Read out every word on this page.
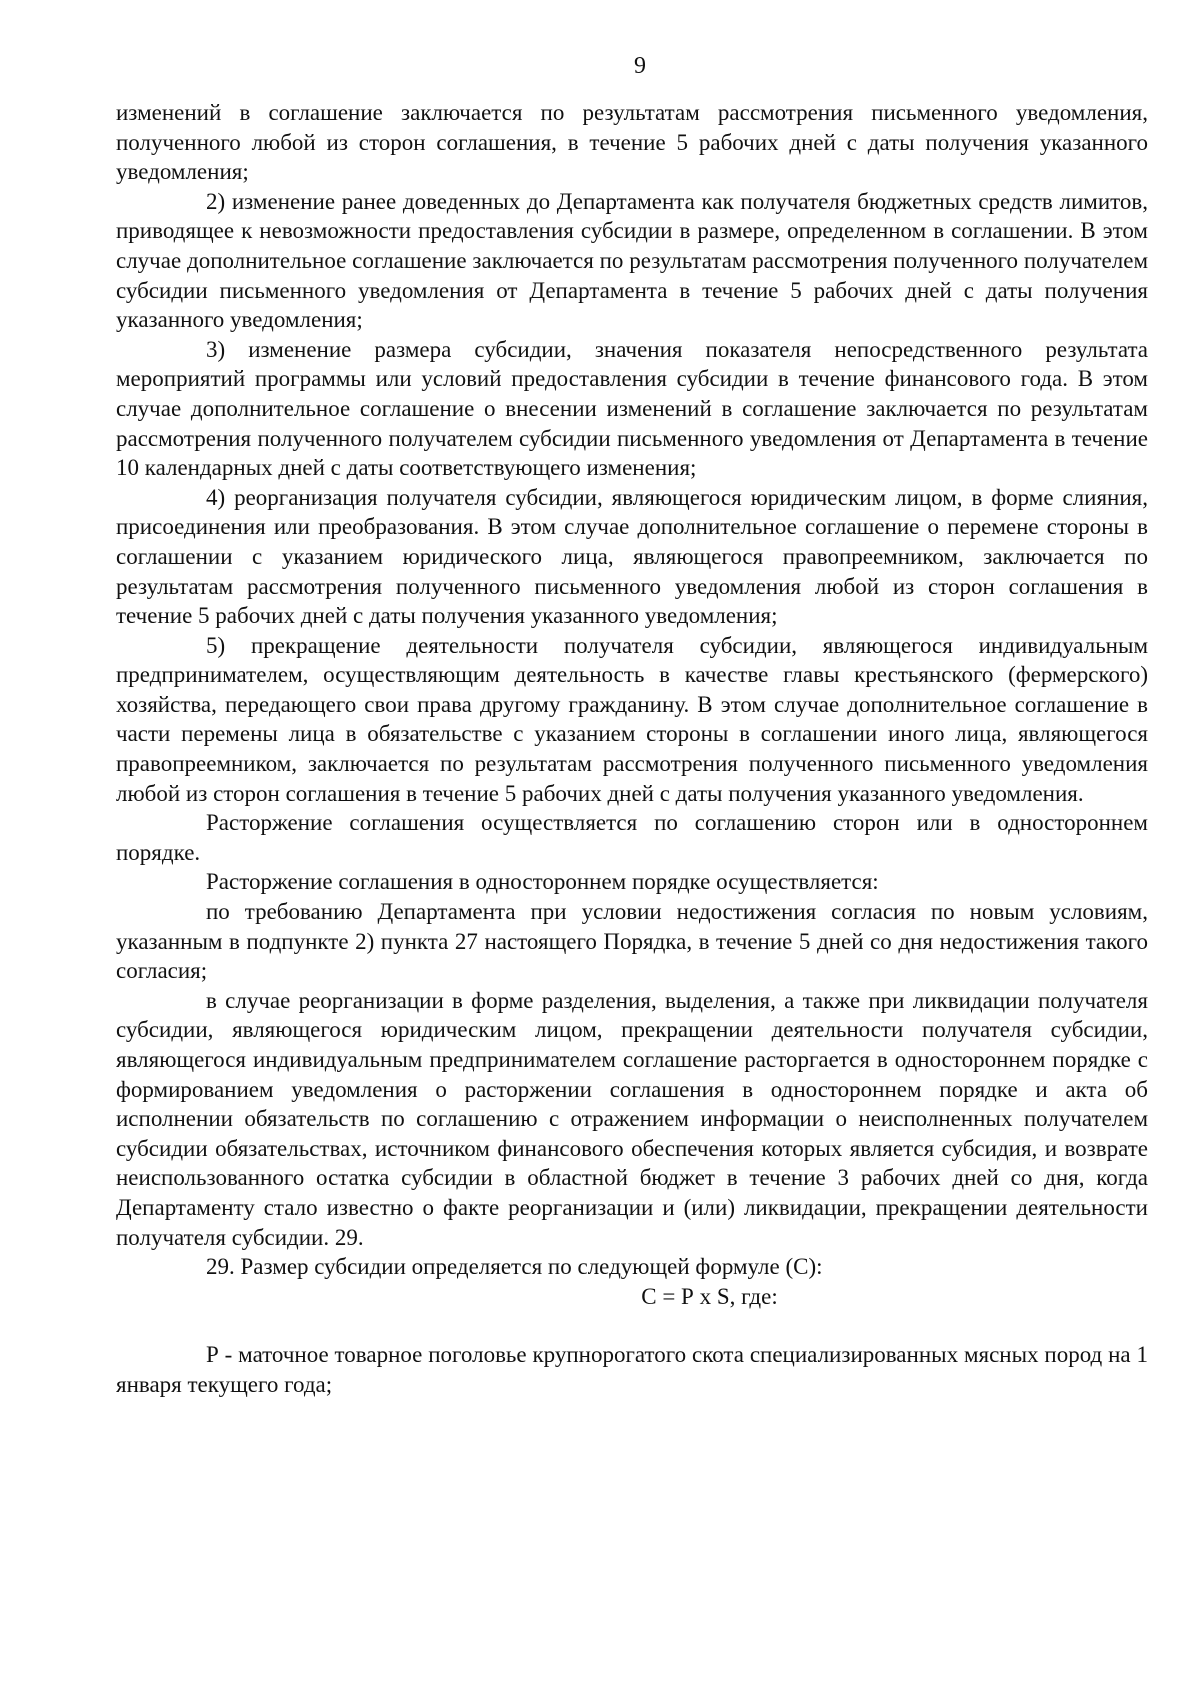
9

изменений в соглашение заключается по результатам рассмотрения письменного уведомления, полученного любой из сторон соглашения, в течение 5 рабочих дней с даты получения указанного уведомления;

2) изменение ранее доведенных до Департамента как получателя бюджетных средств лимитов, приводящее к невозможности предоставления субсидии в размере, определенном в соглашении. В этом случае дополнительное соглашение заключается по результатам рассмотрения полученного получателем субсидии письменного уведомления от Департамента в течение 5 рабочих дней с даты получения указанного уведомления;

3) изменение размера субсидии, значения показателя непосредственного результата мероприятий программы или условий предоставления субсидии в течение финансового года. В этом случае дополнительное соглашение о внесении изменений в соглашение заключается по результатам рассмотрения полученного получателем субсидии письменного уведомления от Департамента в течение 10 календарных дней с даты соответствующего изменения;

4) реорганизация получателя субсидии, являющегося юридическим лицом, в форме слияния, присоединения или преобразования. В этом случае дополнительное соглашение о перемене стороны в соглашении с указанием юридического лица, являющегося правопреемником, заключается по результатам рассмотрения полученного письменного уведомления любой из сторон соглашения в течение 5 рабочих дней с даты получения указанного уведомления;

5) прекращение деятельности получателя субсидии, являющегося индивидуальным предпринимателем, осуществляющим деятельность в качестве главы крестьянского (фермерского) хозяйства, передающего свои права другому гражданину. В этом случае дополнительное соглашение в части перемены лица в обязательстве с указанием стороны в соглашении иного лица, являющегося правопреемником, заключается по результатам рассмотрения полученного письменного уведомления любой из сторон соглашения в течение 5 рабочих дней с даты получения указанного уведомления.

Расторжение соглашения осуществляется по соглашению сторон или в одностороннем порядке.

Расторжение соглашения в одностороннем порядке осуществляется:

по требованию Департамента при условии недостижения согласия по новым условиям, указанным в подпункте 2) пункта 27 настоящего Порядка, в течение 5 дней со дня недостижения такого согласия;

в случае реорганизации в форме разделения, выделения, а также при ликвидации получателя субсидии, являющегося юридическим лицом, прекращении деятельности получателя субсидии, являющегося индивидуальным предпринимателем соглашение расторгается в одностороннем порядке с формированием уведомления о расторжении соглашения в одностороннем порядке и акта об исполнении обязательств по соглашению с отражением информации о неисполненных получателем субсидии обязательствах, источником финансового обеспечения которых является субсидия, и возврате неиспользованного остатка субсидии в областной бюджет в течение 3 рабочих дней со дня, когда Департаменту стало известно о факте реорганизации и (или) ликвидации, прекращении деятельности получателя субсидии. 29.

29. Размер субсидии определяется по следующей формуле (С):

С = Р х S, где:

Р - маточное товарное поголовье крупнорогатого скота специализированных мясных пород на 1 января текущего года;
